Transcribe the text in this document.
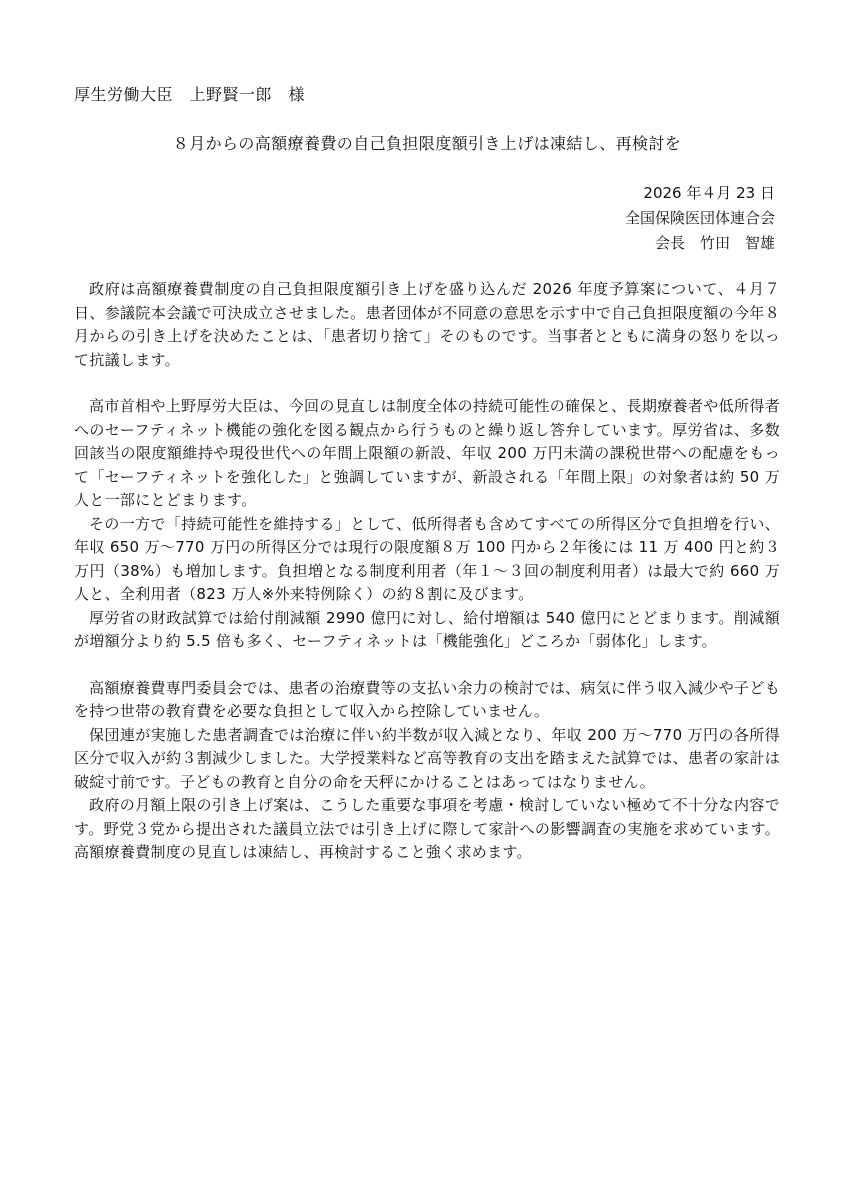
厚生労働大臣　上野賢一郎　様

８月からの高額療養費の自己負担限度額引き上げは凍結し、再検討を

2026 年４月 23 日
全国保険医団体連合会
会長　竹田　智雄

政府は高額療養費制度の自己負担限度額引き上げを盛り込んだ 2026 年度予算案について、４月７日、参議院本会議で可決成立させました。患者団体が不同意の意思を示す中で自己負担限度額の今年８月からの引き上げを決めたことは、「患者切り捨て」そのものです。当事者とともに満身の怒りを以って抗議します。

高市首相や上野厚労大臣は、今回の見直しは制度全体の持続可能性の確保と、長期療養者や低所得者へのセーフティネット機能の強化を図る観点から行うものと繰り返し答弁しています。厚労省は、多数回該当の限度額維持や現役世代への年間上限額の新設、年収 200 万円未満の課税世帯への配慮をもって「セーフティネットを強化した」と強調していますが、新設される「年間上限」の対象者は約 50 万人と一部にとどまります。

その一方で「持続可能性を維持する」として、低所得者も含めてすべての所得区分で負担増を行い、年収 650 万～770 万円の所得区分では現行の限度額８万 100 円から２年後には 11 万 400 円と約３万円（38%）も増加します。負担増となる制度利用者（年１～３回の制度利用者）は最大で約 660 万人と、全利用者（823 万人※外来特例除く）の約８割に及びます。

厚労省の財政試算では給付削減額 2990 億円に対し、給付増額は 540 億円にとどまります。削減額が増額分より約 5.5 倍も多く、セーフティネットは「機能強化」どころか「弱体化」します。

高額療養費専門委員会では、患者の治療費等の支払い余力の検討では、病気に伴う収入減少や子どもを持つ世帯の教育費を必要な負担として収入から控除していません。

保団連が実施した患者調査では治療に伴い約半数が収入減となり、年収 200 万～770 万円の各所得区分で収入が約３割減少しました。大学授業料など高等教育の支出を踏まえた試算では、患者の家計は破綻寸前です。子どもの教育と自分の命を天秤にかけることはあってはなりません。

政府の月額上限の引き上げ案は、こうした重要な事項を考慮・検討していない極めて不十分な内容です。野党３党から提出された議員立法では引き上げに際して家計への影響調査の実施を求めています。高額療養費制度の見直しは凍結し、再検討すること強く求めます。
